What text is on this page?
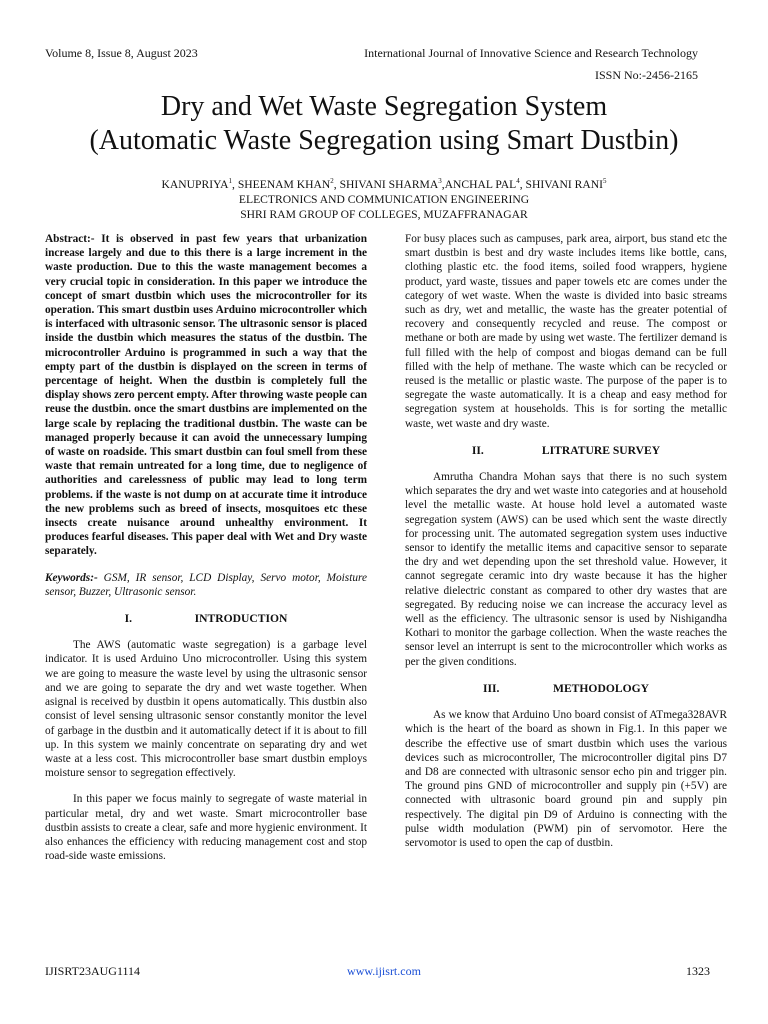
Volume 8, Issue 8, August 2023	International Journal of Innovative Science and Research Technology
ISSN No:-2456-2165
Dry and Wet Waste Segregation System
(Automatic Waste Segregation using Smart Dustbin)
KANUPRIYA$^1$, SHEENAM KHAN$^2$, SHIVANI SHARMA$^3$,ANCHAL PAL$^4$, SHIVANI RANI$^5$
ELECTRONICS AND COMMUNICATION ENGINEERING
SHRI RAM GROUP OF COLLEGES, MUZAFFRANAGAR

Abstract:- It is observed in past few years that urbanization increase largely and due to this there is a large increment in the waste production. Due to this the waste management becomes a very crucial topic in consideration. In this paper we introduce the concept of smart dustbin which uses the microcontroller for its operation. This smart dustbin uses Arduino microcontroller which is interfaced with ultrasonic sensor. The ultrasonic sensor is placed inside the dustbin which measures the status of the dustbin. The microcontroller Arduino is programmed in such a way that the empty part of the dustbin is displayed on the screen in terms of percentage of height. When the dustbin is completely full the display shows zero percent empty. After throwing waste people can reuse the dustbin. once the smart dustbins are implemented on the large scale by replacing the traditional dustbin. The waste can be managed properly because it can avoid the unnecessary lumping of waste on roadside. This smart dustbin can foul smell from these waste that remain untreated for a long time, due to negligence of authorities and carelessness of public may lead to long term problems. if the waste is not dump on at accurate time it introduce the new problems such as breed of insects, mosquitoes etc these insects create nuisance around unhealthy environment. It produces fearful diseases. This paper deal with Wet and Dry waste separately.

Keywords:- GSM, IR sensor, LCD Display, Servo motor, Moisture sensor, Buzzer, Ultrasonic sensor.

I.	INTRODUCTION

The AWS (automatic waste segregation) is a garbage level indicator. It is used Arduino Uno microcontroller. Using this system we are going to measure the waste level by using the ultrasonic sensor and we are going to separate the dry and wet waste together. When asignal is received by dustbin it opens automatically. This dustbin also consist of level sensing ultrasonic sensor constantly monitor the level of garbage in the dustbin and it automatically detect if it is about to fill up. In this system we mainly concentrate on separating dry and wet waste at a less cost. This microcontroller base smart dustbin employs moisture sensor to segregation effectively.

In this paper we focus mainly to segregate of waste material in particular metal, dry and wet waste. Smart microcontroller base dustbin assists to create a clear, safe and more hygienic environment. It also enhances the efficiency with reducing management cost and stop road-side waste emissions.

For busy places such as campuses, park area, airport, bus stand etc the smart dustbin is best and dry waste includes items like bottle, cans, clothing plastic etc. the food items, soiled food wrappers, hygiene product, yard waste, tissues and paper towels etc are comes under the category of wet waste. When the waste is divided into basic streams such as dry, wet and metallic, the waste has the greater potential of recovery and consequently recycled and reuse. The compost or methane or both are made by using wet waste. The fertilizer demand is full filled with the help of compost and biogas demand can be full filled with the help of methane. The waste which can be recycled or reused is the metallic or plastic waste. The purpose of the paper is to segregate the waste automatically. It is a cheap and easy method for segregation system at households. This is for sorting the metallic waste, wet waste and dry waste.

II.	LITRATURE SURVEY

Amrutha Chandra Mohan says that there is no such system which separates the dry and wet waste into categories and at household level the metallic waste. At house hold level a automated waste segregation system (AWS) can be used which sent the waste directly for processing unit. The automated segregation system uses inductive sensor to identify the metallic items and capacitive sensor to separate the dry and wet depending upon the set threshold value. However, it cannot segregate ceramic into dry waste because it has the higher relative dielectric constant as compared to other dry wastes that are segregated. By reducing noise we can increase the accuracy level as well as the efficiency. The ultrasonic sensor is used by Nishigandha Kothari to monitor the garbage collection. When the waste reaches the sensor level an interrupt is sent to the microcontroller which works as per the given conditions.

III.	METHODOLOGY

As we know that Arduino Uno board consist of ATmega328AVR which is the heart of the board as shown in Fig.1. In this paper we describe the effective use of smart dustbin which uses the various devices such as microcontroller, The microcontroller digital pins D7 and D8 are connected with ultrasonic sensor echo pin and trigger pin. The ground pins GND of microcontroller and supply pin (+5V) are connected with ultrasonic board ground pin and supply pin respectively. The digital pin D9 of Arduino is connecting with the pulse width modulation (PWM) pin of servomotor. Here the servomotor is used to open the cap of dustbin.

IJISRT23AUG1114	www.ijisrt.com	1323
